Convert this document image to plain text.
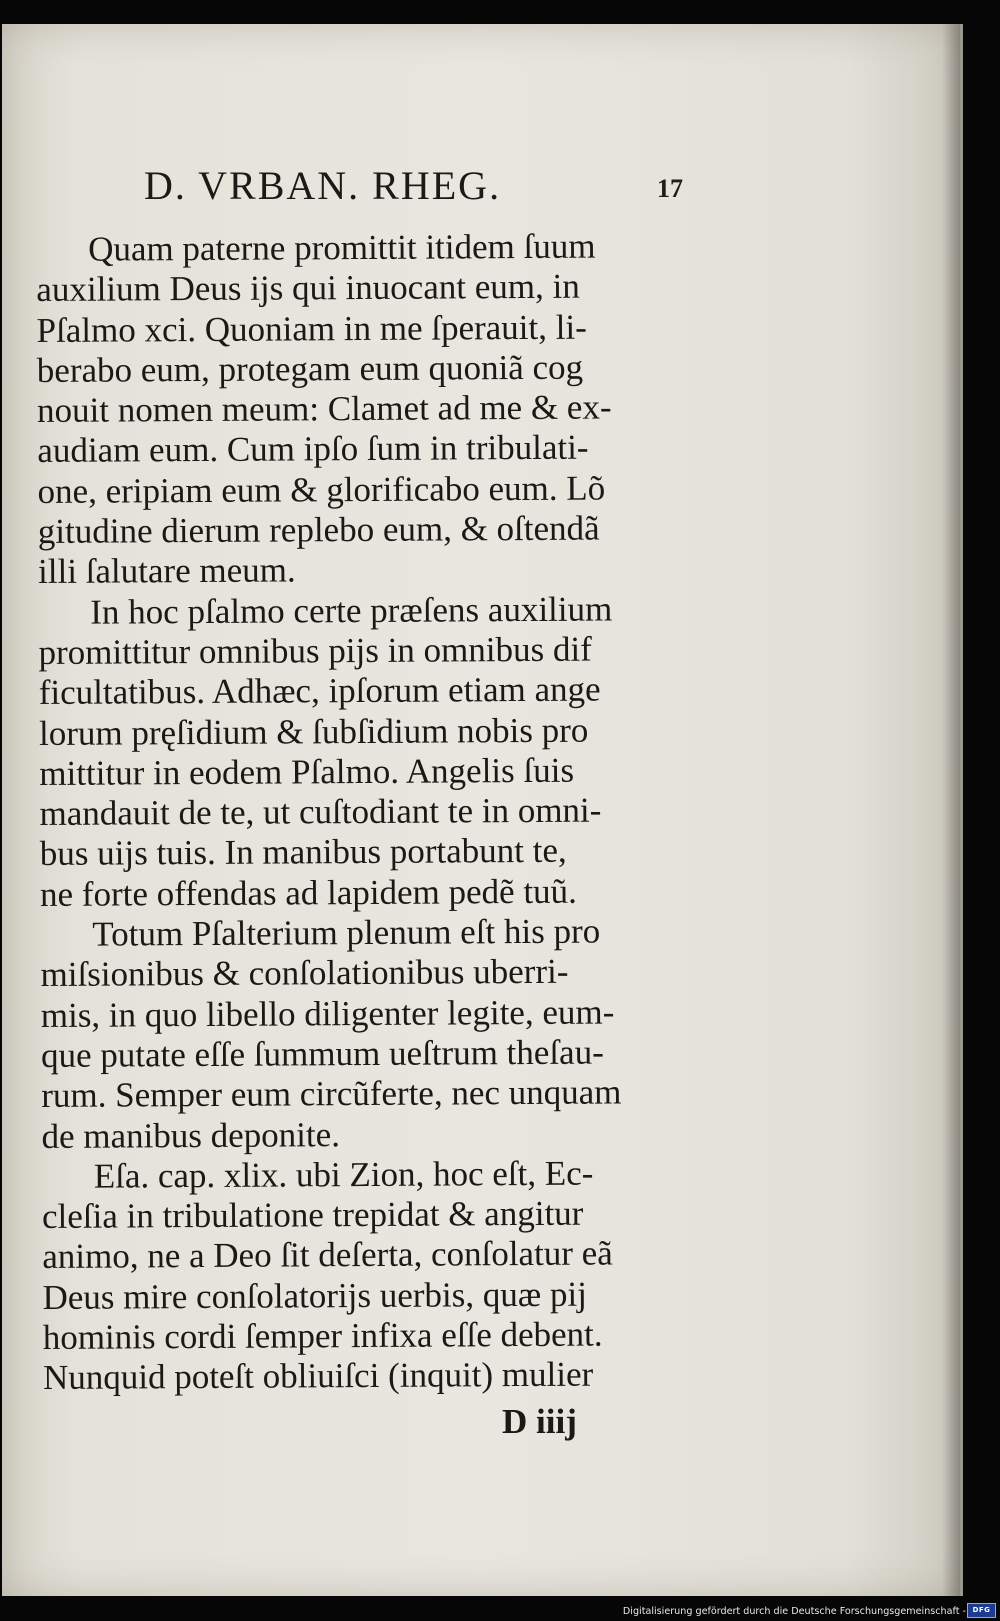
D. VRBAN. RHEG.	17
Quam paterne promittit itidem ſuum
auxilium Deus ijs qui inuocant eum, in
Pſalmo xci. Quoniam in me ſperauit, li-
berabo eum, protegam eum quoniã cog
nouit nomen meum: Clamet ad me & ex-
audiam eum. Cum ipſo ſum in tribulati-
one, eripiam eum & glorificabo eum. Lõ
gitudine dierum replebo eum, & oſtendã
illi ſalutare meum.
In hoc pſalmo certe præſens auxilium
promittitur omnibus pijs in omnibus dif
ficultatibus. Adhæc, ipſorum etiam ange
lorum pręſidium & ſubſidium nobis pro
mittitur in eodem Pſalmo. Angelis ſuis
mandauit de te, ut cuſtodiant te in omni-
bus uijs tuis. In manibus portabunt te,
ne forte offendas ad lapidem pedẽ tuũ.
Totum Pſalterium plenum eſt his pro
miſsionibus & conſolationibus uberri-
mis, in quo libello diligenter legite, eum-
que putate eſſe ſummum ueſtrum theſau-
rum. Semper eum circũferte, nec unquam
de manibus deponite.
Eſa. cap. xlix. ubi Zion, hoc eſt, Ec-
cleſia in tribulatione trepidat & angitur
animo, ne a Deo ſit deſerta, conſolatur eã
Deus mire conſolatorijs uerbis, quæ pij
hominis cordi ſemper infixa eſſe debent.
Nunquid poteſt obliuiſci (inquit) mulier
D iiij
Digitalisierung gefördert durch die Deutsche Forschungsgemeinschaft - DFG
